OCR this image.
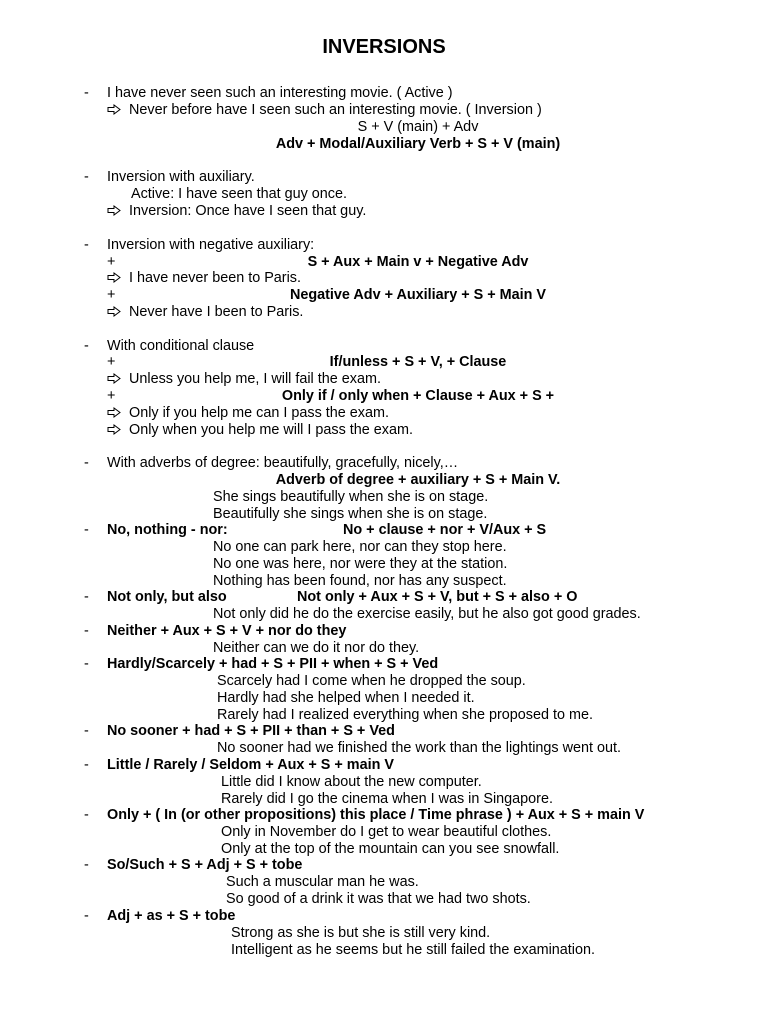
INVERSIONS
- I have never seen such an interesting movie. ( Active )
Never before have I seen such an interesting movie. ( Inversion )
S + V (main) + Adv
Adv + Modal/Auxiliary Verb + S + V (main)
- Inversion with auxiliary.
Active: I have seen that guy once.
Inversion: Once have I seen that guy.
- Inversion with negative auxiliary:
+	S + Aux + Main v + Negative Adv
I have never been to Paris.
+	Negative Adv + Auxiliary + S + Main V
Never have I been to Paris.
- With conditional clause
+	If/unless + S + V, + Clause
Unless you help me, I will fail the exam.
+	Only if / only when + Clause + Aux + S +
Only if you help me can I pass the exam.
Only when you help me will I pass the exam.
- With adverbs of degree: beautifully, gracefully, nicely,…
Adverb of degree + auxiliary + S + Main V.
She sings beautifully when she is on stage.
Beautifully she sings when she is on stage.
- No, nothing - nor:	No + clause + nor + V/Aux + S
No one can park here, nor can they stop here.
No one was here, nor were they at the station.
Nothing has been found, nor has any suspect.
- Not only, but also	Not only + Aux + S + V, but + S + also + O
Not only did he do the exercise easily, but he also got good grades.
- Neither + Aux + S + V + nor do they
Neither can we do it nor do they.
- Hardly/Scarcely + had + S + PII + when + S + Ved
Scarcely had I come when he dropped the soup.
Hardly had she helped when I needed it.
Rarely had I realized everything when she proposed to me.
- No sooner + had + S + PII + than + S + Ved
No sooner had we finished the work than the lightings went out.
- Little / Rarely / Seldom + Aux + S + main V
Little did I know about the new computer.
Rarely did I go the cinema when I was in Singapore.
- Only + ( In (or other propositions) this place / Time phrase ) + Aux + S + main V
Only in November do I get to wear beautiful clothes.
Only at the top of the mountain can you see snowfall.
- So/Such + S + Adj + S + tobe
Such a muscular man he was.
So good of a drink it was that we had two shots.
- Adj + as + S + tobe
Strong as she is but she is still very kind.
Intelligent as he seems but he still failed the examination.
